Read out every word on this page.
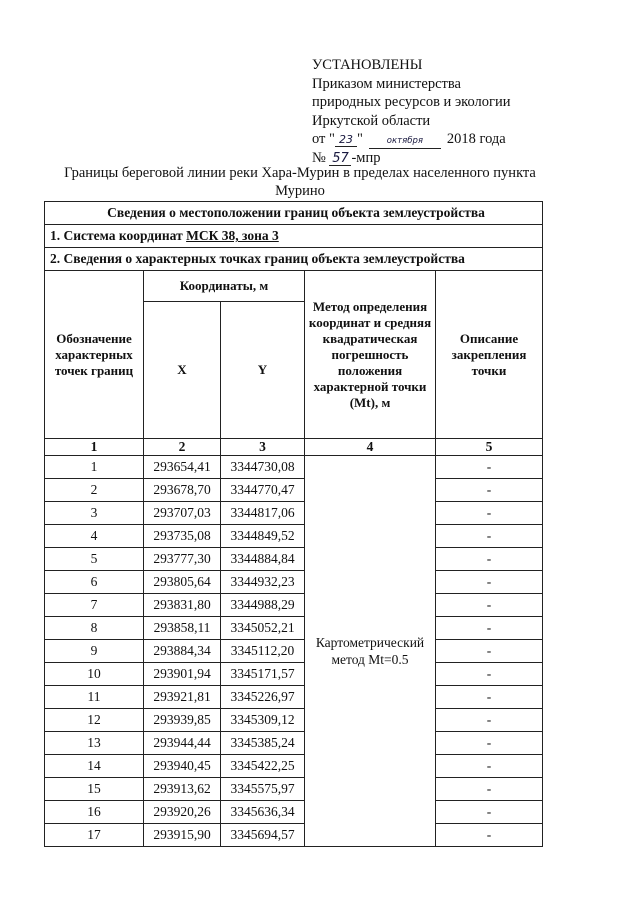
УСТАНОВЛЕНЫ
Приказом министерства
природных ресурсов и экологии
Иркутской области
от " 23 "	октября 2018 года
№ 57 -мпр
Границы береговой линии реки Хара-Мурин в пределах населенного пункта Мурино
Сведения о местоположении границ объекта землеустройства				
1. Система координат МСК 38, зона 3				
2. Сведения о характерных точках границ объекта землеустройства				
Обозначение характерных точек границ	Координаты, м		Метод определения координат и средняя квадратическая погрешность положения характерной точки (Mt), м	Описание закрепления точки
	X	Y		
1	2	3	4	5
1	293654,41	3344730,08	Картометрический метод Mt=0.5	-
2	293678,70	3344770,47		-
3	293707,03	3344817,06		-
4	293735,08	3344849,52		-
5	293777,30	3344884,84		-
6	293805,64	3344932,23		-
7	293831,80	3344988,29		-
8	293858,11	3345052,21		-
9	293884,34	3345112,20		-
10	293901,94	3345171,57		-
11	293921,81	3345226,97		-
12	293939,85	3345309,12		-
13	293944,44	3345385,24		-
14	293940,45	3345422,25		-
15	293913,62	3345575,97		-
16	293920,26	3345636,34		-
17	293915,90	3345694,57		-
